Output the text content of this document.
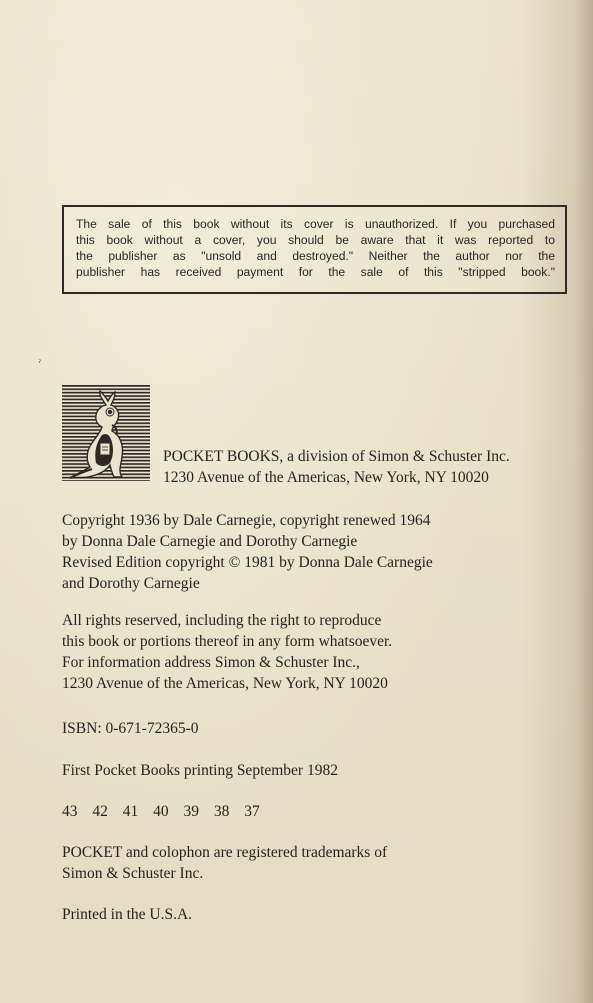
The sale of this book without its cover is unauthorized. If you purchased
this book without a cover, you should be aware that it was reported to
the publisher as "unsold and destroyed." Neither the author nor the
publisher has received payment for the sale of this "stripped book."
ˀ
POCKET BOOKS, a division of Simon & Schuster Inc.
1230 Avenue of the Americas, New York, NY 10020
Copyright 1936 by Dale Carnegie, copyright renewed 1964
by Donna Dale Carnegie and Dorothy Carnegie
Revised Edition copyright © 1981 by Donna Dale Carnegie
and Dorothy Carnegie
All rights reserved, including the right to reproduce
this book or portions thereof in any form whatsoever.
For information address Simon & Schuster Inc.,
1230 Avenue of the Americas, New York, NY 10020
ISBN: 0-671-72365-0
First Pocket Books printing September 1982
43 42 41 40 39 38 37
POCKET and colophon are registered trademarks of
Simon & Schuster Inc.
Printed in the U.S.A.
